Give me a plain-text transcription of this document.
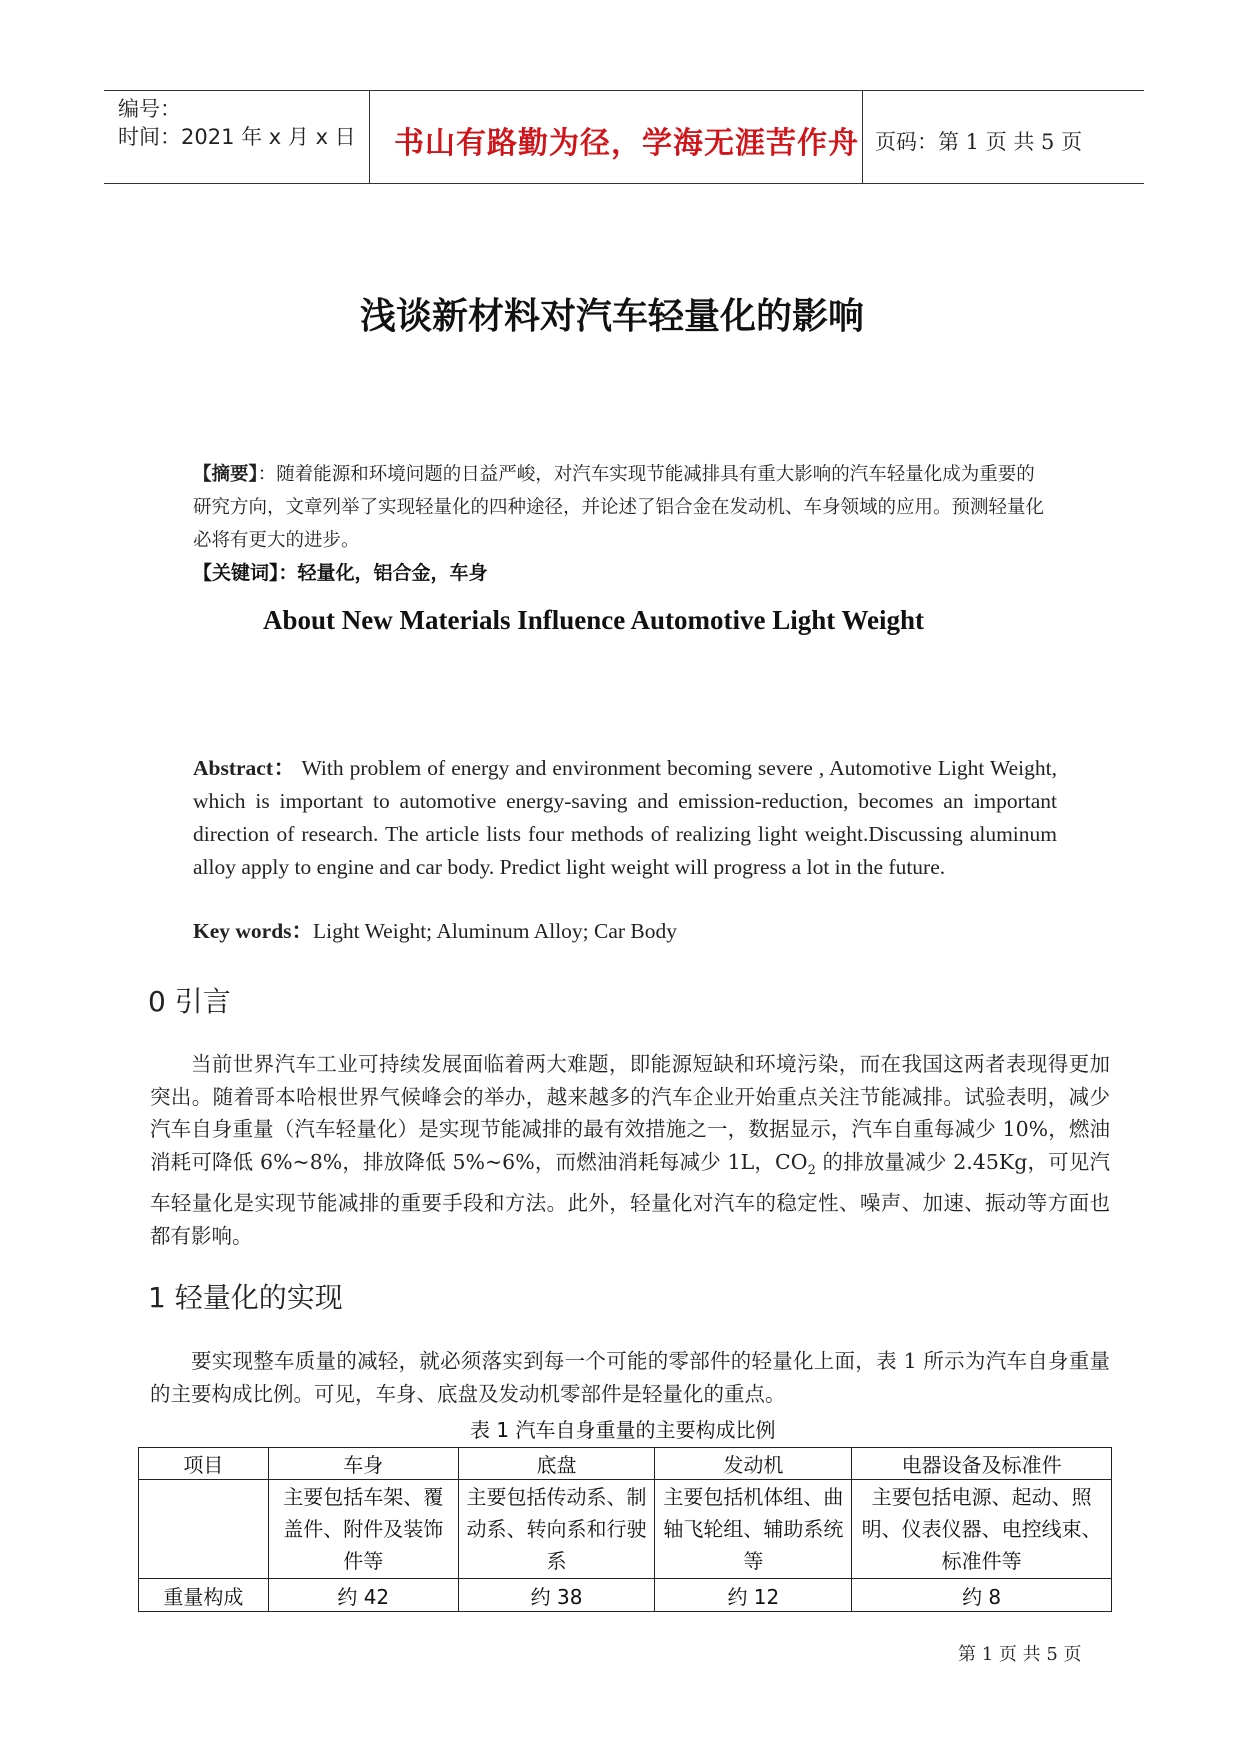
编号：
时间：2021 年 x 月 x 日 书山有路勤为径，学海无涯苦作舟 页码：第 1 页 共 5 页
浅谈新材料对汽车轻量化的影响
【摘要】：随着能源和环境问题的日益严峻，对汽车实现节能减排具有重大影响的汽车轻量化成为重要的研究方向，文章列举了实现轻量化的四种途径，并论述了铝合金在发动机、车身领域的应用。预测轻量化必将有更大的进步。
【关键词】：轻量化，铝合金，车身
About New Materials Influence Automotive Light Weight
Abstract： With problem of energy and environment becoming severe , Automotive Light Weight, which is important to automotive energy-saving and emission-reduction, becomes an important direction of research. The article lists four methods of realizing light weight.Discussing aluminum alloy apply to engine and car body. Predict light weight will progress a lot in the future.
Key words：Light Weight; Aluminum Alloy; Car Body
0 引言
当前世界汽车工业可持续发展面临着两大难题，即能源短缺和环境污染，而在我国这两者表现得更加突出。随着哥本哈根世界气候峰会的举办，越来越多的汽车企业开始重点关注节能减排。试验表明，减少汽车自身重量（汽车轻量化）是实现节能减排的最有效措施之一，数据显示，汽车自重每减少 10%，燃油消耗可降低 6%~8%，排放降低 5%~6%，而燃油消耗每减少 1L，$CO_2$ 的排放量减少 2.45Kg，可见汽车轻量化是实现节能减排的重要手段和方法。此外，轻量化对汽车的稳定性、噪声、加速、振动等方面也都有影响。
1 轻量化的实现
要实现整车质量的减轻，就必须落实到每一个可能的零部件的轻量化上面，表 1 所示为汽车自身重量的主要构成比例。可见，车身、底盘及发动机零部件是轻量化的重点。
表 1 汽车自身重量的主要构成比例
项目	车身	底盘	发动机	电器设备及标准件
	主要包括车架、覆盖件、附件及装饰件等	主要包括传动系、制动系、转向系和行驶系	主要包括机体组、曲轴飞轮组、辅助系统等	主要包括电源、起动、照明、仪表仪器、电控线束、标准件等
重量构成	约 42	约 38	约 12	约 8
第 1 页 共 5 页
